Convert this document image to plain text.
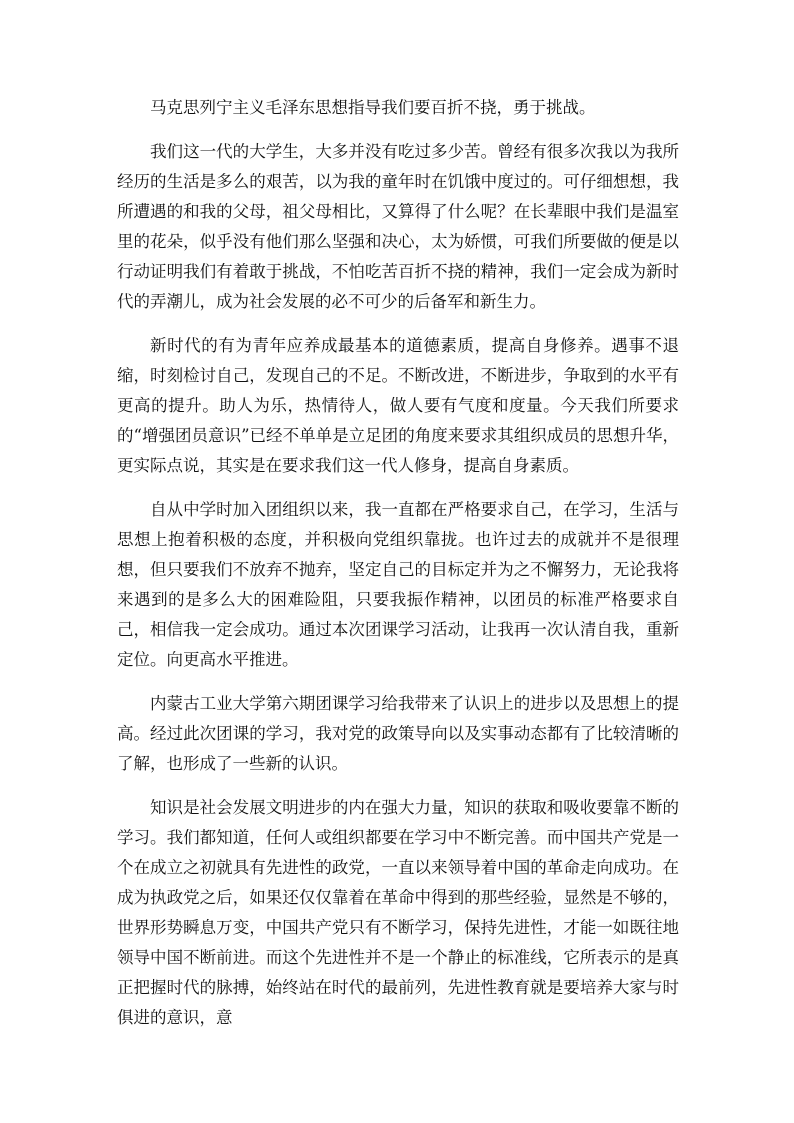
马克思列宁主义毛泽东思想指导我们要百折不挠，勇于挑战。

我们这一代的大学生，大多并没有吃过多少苦。曾经有很多次我以为我所经历的生活是多么的艰苦，以为我的童年时在饥饿中度过的。可仔细想想，我所遭遇的和我的父母，祖父母相比，又算得了什么呢？在长辈眼中我们是温室里的花朵，似乎没有他们那么坚强和决心，太为娇惯，可我们所要做的便是以行动证明我们有着敢于挑战，不怕吃苦百折不挠的精神，我们一定会成为新时代的弄潮儿，成为社会发展的必不可少的后备军和新生力。

新时代的有为青年应养成最基本的道德素质，提高自身修养。遇事不退缩，时刻检讨自己，发现自己的不足。不断改进，不断进步，争取到的水平有更高的提升。助人为乐，热情待人，做人要有气度和度量。今天我们所要求的“增强团员意识”已经不单单是立足团的角度来要求其组织成员的思想升华，更实际点说，其实是在要求我们这一代人修身，提高自身素质。

自从中学时加入团组织以来，我一直都在严格要求自己，在学习，生活与思想上抱着积极的态度，并积极向党组织靠拢。也许过去的成就并不是很理想，但只要我们不放弃不抛弃，坚定自己的目标定并为之不懈努力，无论我将来遇到的是多么大的困难险阻，只要我振作精神，以团员的标准严格要求自己，相信我一定会成功。通过本次团课学习活动，让我再一次认清自我，重新定位。向更高水平推进。

内蒙古工业大学第六期团课学习给我带来了认识上的进步以及思想上的提高。经过此次团课的学习，我对党的政策导向以及实事动态都有了比较清晰的了解，也形成了一些新的认识。

知识是社会发展文明进步的内在强大力量，知识的获取和吸收要靠不断的学习。我们都知道，任何人或组织都要在学习中不断完善。而中国共产党是一个在成立之初就具有先进性的政党，一直以来领导着中国的革命走向成功。在成为执政党之后，如果还仅仅靠着在革命中得到的那些经验，显然是不够的，世界形势瞬息万变，中国共产党只有不断学习，保持先进性，才能一如既往地领导中国不断前进。而这个先进性并不是一个静止的标准线，它所表示的是真正把握时代的脉搏，始终站在时代的最前列，先进性教育就是要培养大家与时俱进的意识，意
